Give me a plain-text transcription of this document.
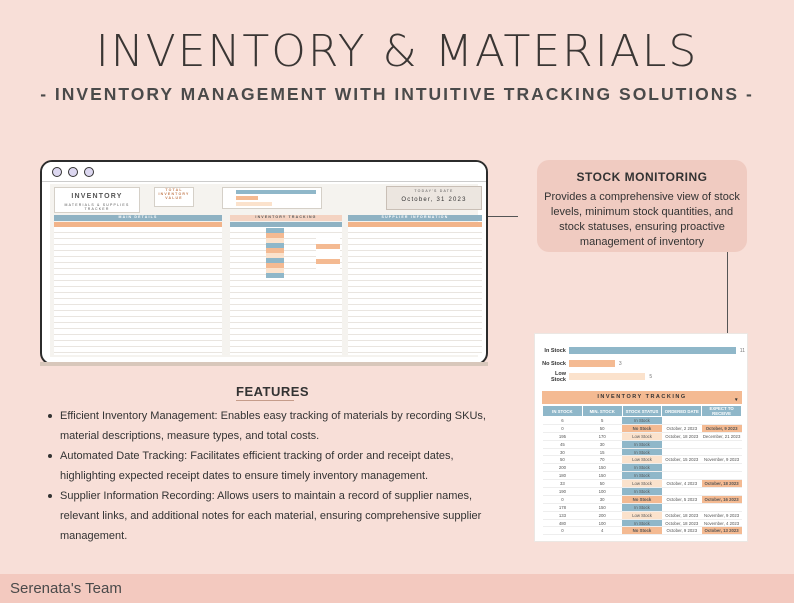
INVENTORY & MATERIALS
- INVENTORY MANAGEMENT WITH INTUITIVE TRACKING SOLUTIONS -
INVENTORY
MATERIALS & SUPPLIES TRACKER
TOTAL INVENTORY VALUE
TODAY'S DATE
October, 31 2023
MAIN DETAILS	INVENTORY TRACKING	SUPPLIER INFORMATION
STOCK MONITORING

Provides a comprehensive view of stock levels, minimum stock quantities, and stock statuses, ensuring proactive management of inventory

FEATURES
Efficient Inventory Management: Enables easy tracking of materials by recording SKUs, material descriptions, measure types, and total costs.
Automated Date Tracking: Facilitates efficient tracking of order and receipt dates, highlighting expected receipt dates to ensure timely inventory management.
Supplier Information Recording: Allows users to maintain a record of supplier names, relevant links, and additional notes for each material, ensuring comprehensive supplier management.
In Stock	11
No Stock	3
Low Stock	5
INVENTORY TRACKING	▾
IN STOCK	MIN. STOCK	STOCK STATUS	ORDERED DATE	EXPECT TO RECEIVE
6	5	In Stock		
0	50	No Stock	October, 2 2023	October, 9 2023
195	170	Low Stock	October, 18 2023	December, 21 2023
45	30	In Stock		
30	15	In Stock		
50	70	Low Stock	October, 15 2023	November, 9 2023
200	150	In Stock		
180	150	In Stock		
33	50	Low Stock	October, 4 2023	October, 18 2023
190	100	In Stock		
0	30	No Stock	October, 5 2023	October, 16 2023
178	150	In Stock		
133	200	Low Stock	October, 18 2023	November, 9 2023
480	100	In Stock	October, 18 2023	November, 4 2023
0	4	No Stock	October, 9 2023	October, 13 2023
Serenata's Team
